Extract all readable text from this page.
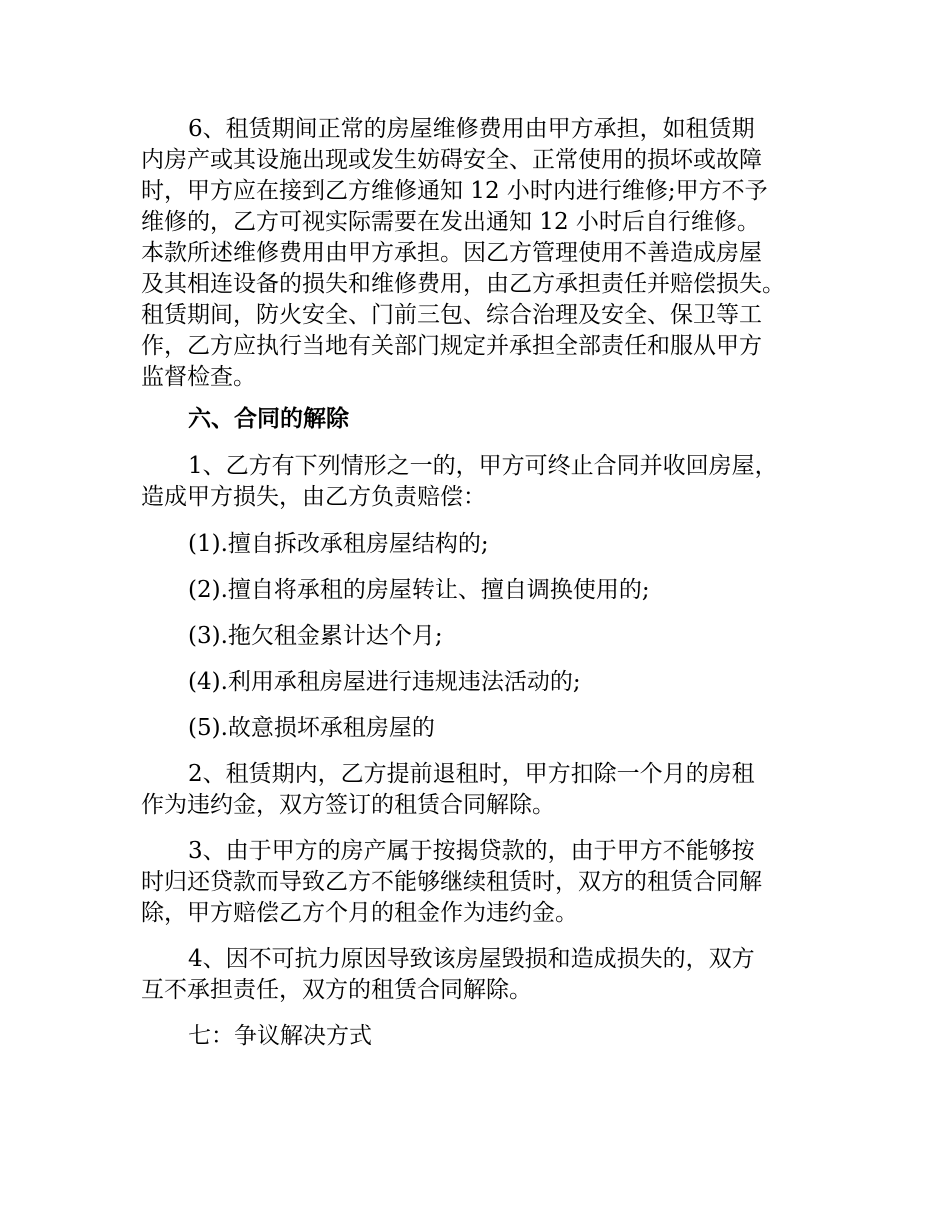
6、租赁期间正常的房屋维修费用由甲方承担，如租赁期
内房产或其设施出现或发生妨碍安全、正常使用的损坏或故障
时，甲方应在接到乙方维修通知 12 小时内进行维修;甲方不予
维修的，乙方可视实际需要在发出通知 12 小时后自行维修。
本款所述维修费用由甲方承担。因乙方管理使用不善造成房屋
及其相连设备的损失和维修费用，由乙方承担责任并赔偿损失。
租赁期间，防火安全、门前三包、综合治理及安全、保卫等工
作，乙方应执行当地有关部门规定并承担全部责任和服从甲方
监督检查。
六、合同的解除
1、乙方有下列情形之一的，甲方可终止合同并收回房屋，
造成甲方损失，由乙方负责赔偿：
(1).擅自拆改承租房屋结构的;
(2).擅自将承租的房屋转让、擅自调换使用的;
(3).拖欠租金累计达个月;
(4).利用承租房屋进行违规违法活动的;
(5).故意损坏承租房屋的
2、租赁期内，乙方提前退租时，甲方扣除一个月的房租
作为违约金，双方签订的租赁合同解除。
3、由于甲方的房产属于按揭贷款的，由于甲方不能够按
时归还贷款而导致乙方不能够继续租赁时，双方的租赁合同解
除，甲方赔偿乙方个月的租金作为违约金。
4、因不可抗力原因导致该房屋毁损和造成损失的，双方
互不承担责任，双方的租赁合同解除。
七：争议解决方式
